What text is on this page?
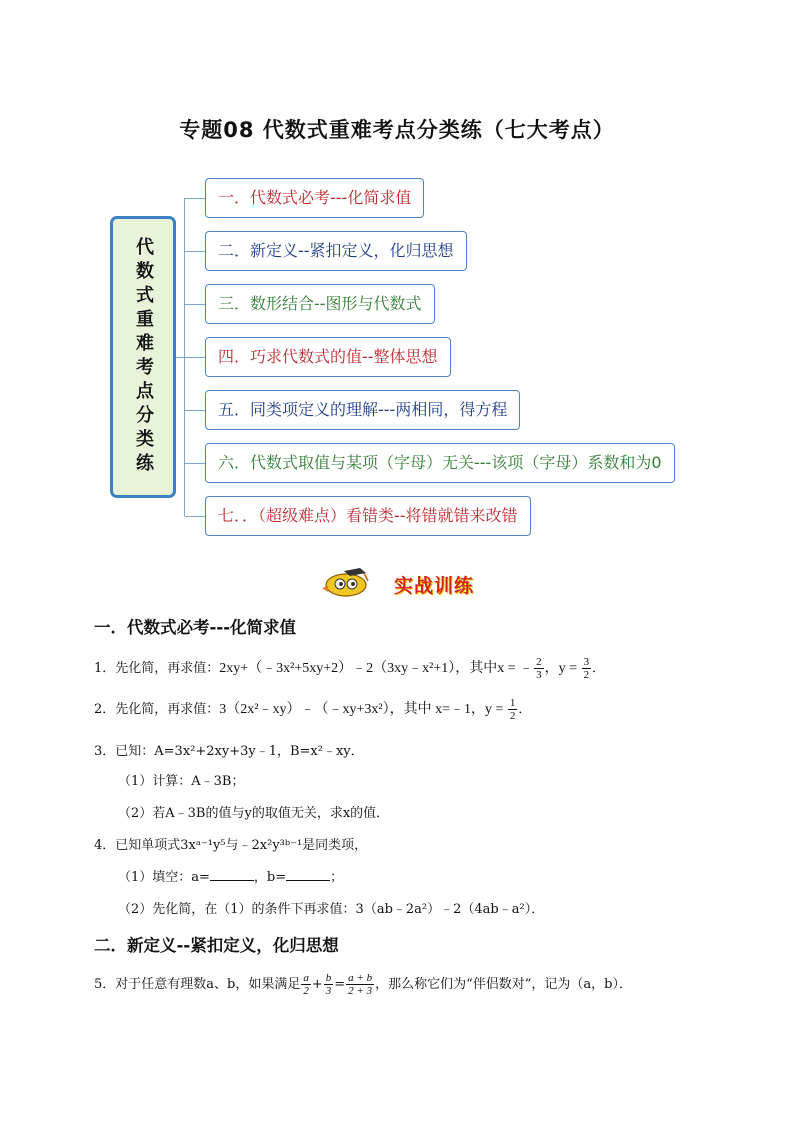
专题08 代数式重难考点分类练（七大考点）
代数式重难考点分类练
一．代数式必考---化简求值
二．新定义--紧扣定义，化归思想
三．数形结合--图形与代数式
四．巧求代数式的值--整体思想
五．同类项定义的理解---两相同，得方程
六．代数式取值与某项（字母）无关---该项（字母）系数和为0
七．．（超级难点）看错类--将错就错来改错
实战训练
一．代数式必考---化简求值
1．先化简，再求值：2xy+（﹣3x²+5xy+2）﹣2（3xy﹣x²+1），其中x = ﹣ $\frac{2}{3}$ ，$y = \frac{3}{2}$ ．
2．先化简，再求值：3（2x²﹣xy）﹣（﹣xy+3x²），其中 x=﹣1，$y = \frac{1}{2}$ ．
3．已知：A=3x²+2xy+3y﹣1，B=x²﹣xy．
（1）计算：A﹣3B；
（2）若A﹣3B的值与y的取值无关，求x的值．
4．已知单项式3xᵃ⁻¹y⁵与﹣2x²y³ᵇ⁻¹是同类项，
（1）填空：a=	，b=	；
（2）先化简，在（1）的条件下再求值：3（ab﹣2a²）﹣2（4ab﹣a²）．
二．新定义--紧扣定义，化归思想
5．对于任意有理数a、b，如果满足 $\frac{a}{2} + \frac{b}{3} = \frac{a + b}{2 + 3}$ ，那么称它们为“伴侣数对”，记为（a，b）．
